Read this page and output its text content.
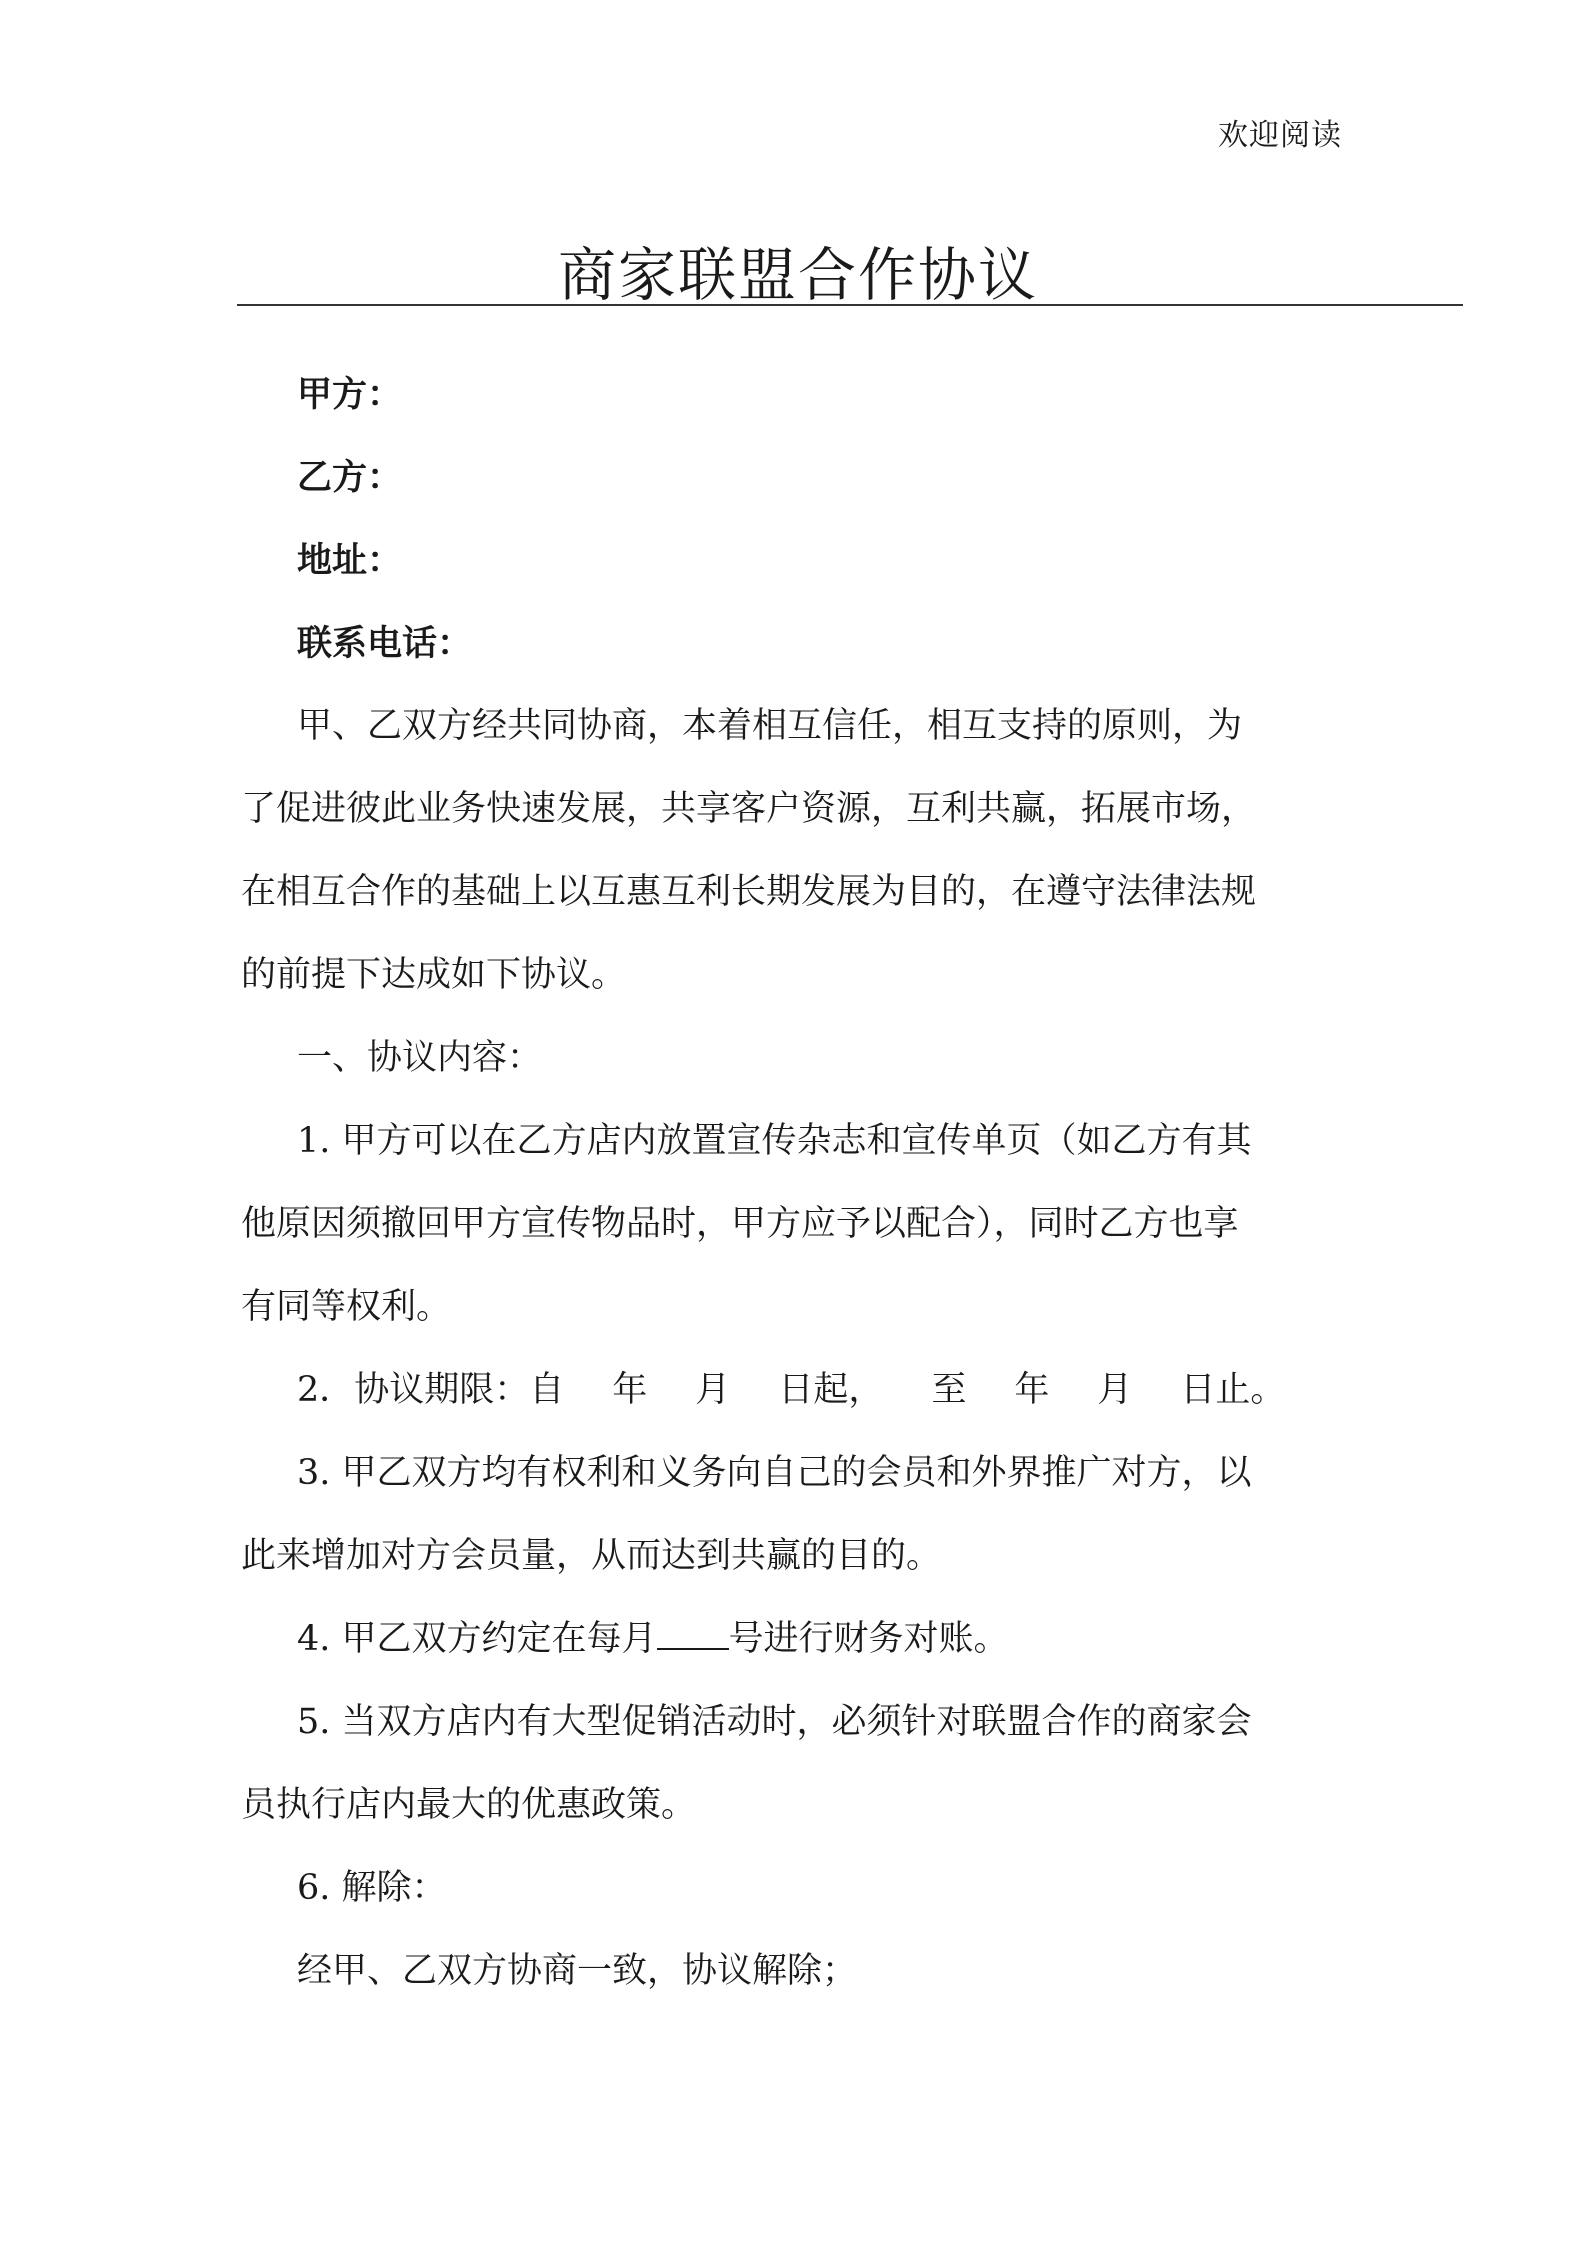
欢迎阅读
商家联盟合作协议
甲方：
乙方：
地址：
联系电话：
甲、乙双方经共同协商，本着相互信任，相互支持的原则，为
了促进彼此业务快速发展，共享客户资源，互利共赢，拓展市场，
在相互合作的基础上以互惠互利长期发展为目的，在遵守法律法规
的前提下达成如下协议。
一、协议内容：
1. 甲方可以在乙方店内放置宣传杂志和宣传单页（如乙方有其
他原因须撤回甲方宣传物品时，甲方应予以配合），同时乙方也享
有同等权利。
2．协议期限：自 年 月 日起， 至 年 月 日止。
3. 甲乙双方均有权利和义务向自己的会员和外界推广对方，以
此来增加对方会员量，从而达到共赢的目的。
4. 甲乙双方约定在每月 号进行财务对账。
5. 当双方店内有大型促销活动时，必须针对联盟合作的商家会
员执行店内最大的优惠政策。
6. 解除：
经甲、乙双方协商一致，协议解除；
